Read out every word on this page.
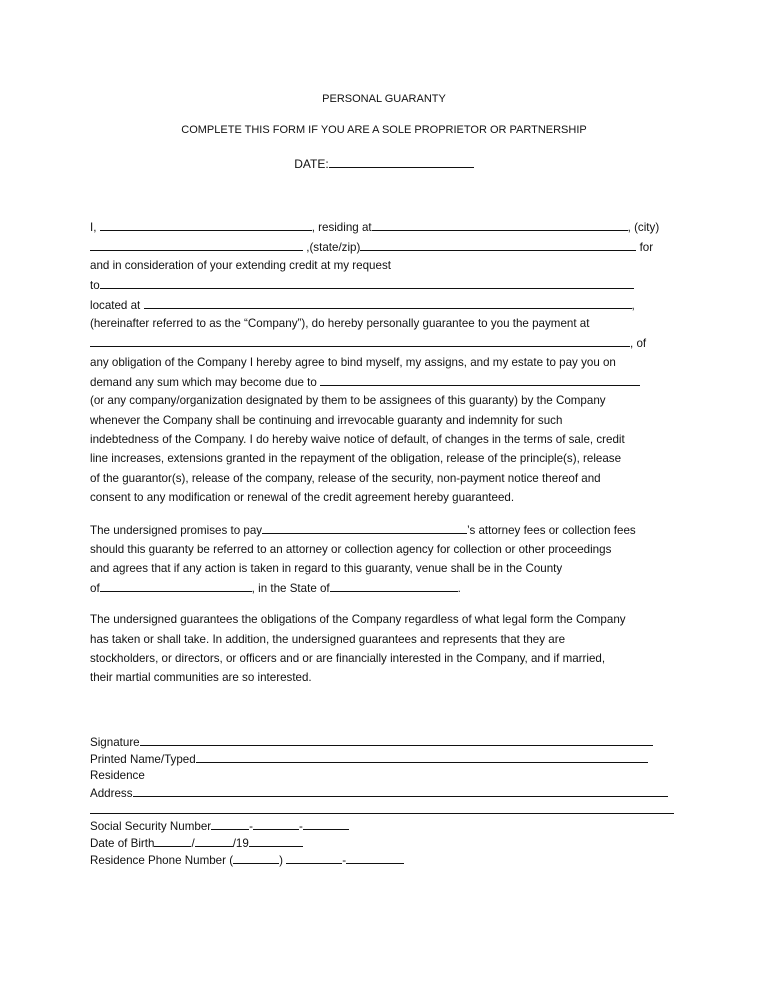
PERSONAL GUARANTY
COMPLETE THIS FORM IF YOU ARE A SOLE PROPRIETOR OR PARTNERSHIP
DATE:
I,	, residing at	, (city)
,(state/zip)	for
and in consideration of your extending credit at my request
to
located at	,
(hereinafter referred to as the “Company”), do hereby personally guarantee to you the payment at
, of
any obligation of the Company I hereby agree to bind myself, my assigns, and my estate to pay you on
demand any sum which may become due to
(or any company/organization designated by them to be assignees of this guaranty) by the Company
whenever the Company shall be continuing and irrevocable guaranty and indemnity for such
indebtedness of the Company. I do hereby waive notice of default, of changes in the terms of sale, credit
line increases, extensions granted in the repayment of the obligation, release of the principle(s), release
of the guarantor(s), release of the company, release of the security, non-payment notice thereof and
consent to any modification or renewal of the credit agreement hereby guaranteed.
The undersigned promises to pay	’s attorney fees or collection fees
should this guaranty be referred to an attorney or collection agency for collection or other proceedings
and agrees that if any action is taken in regard to this guaranty, venue shall be in the County
of	, in the State of	.
The undersigned guarantees the obligations of the Company regardless of what legal form the Company
has taken or shall take. In addition, the undersigned guarantees and represents that they are
stockholders, or directors, or officers and or are financially interested in the Company, and if married,
their martial communities are so interested.
Signature
Printed Name/Typed
Residence
Address
Social Security Number	-	-
Date of Birth	/	/19
Residence Phone Number (	)	-
